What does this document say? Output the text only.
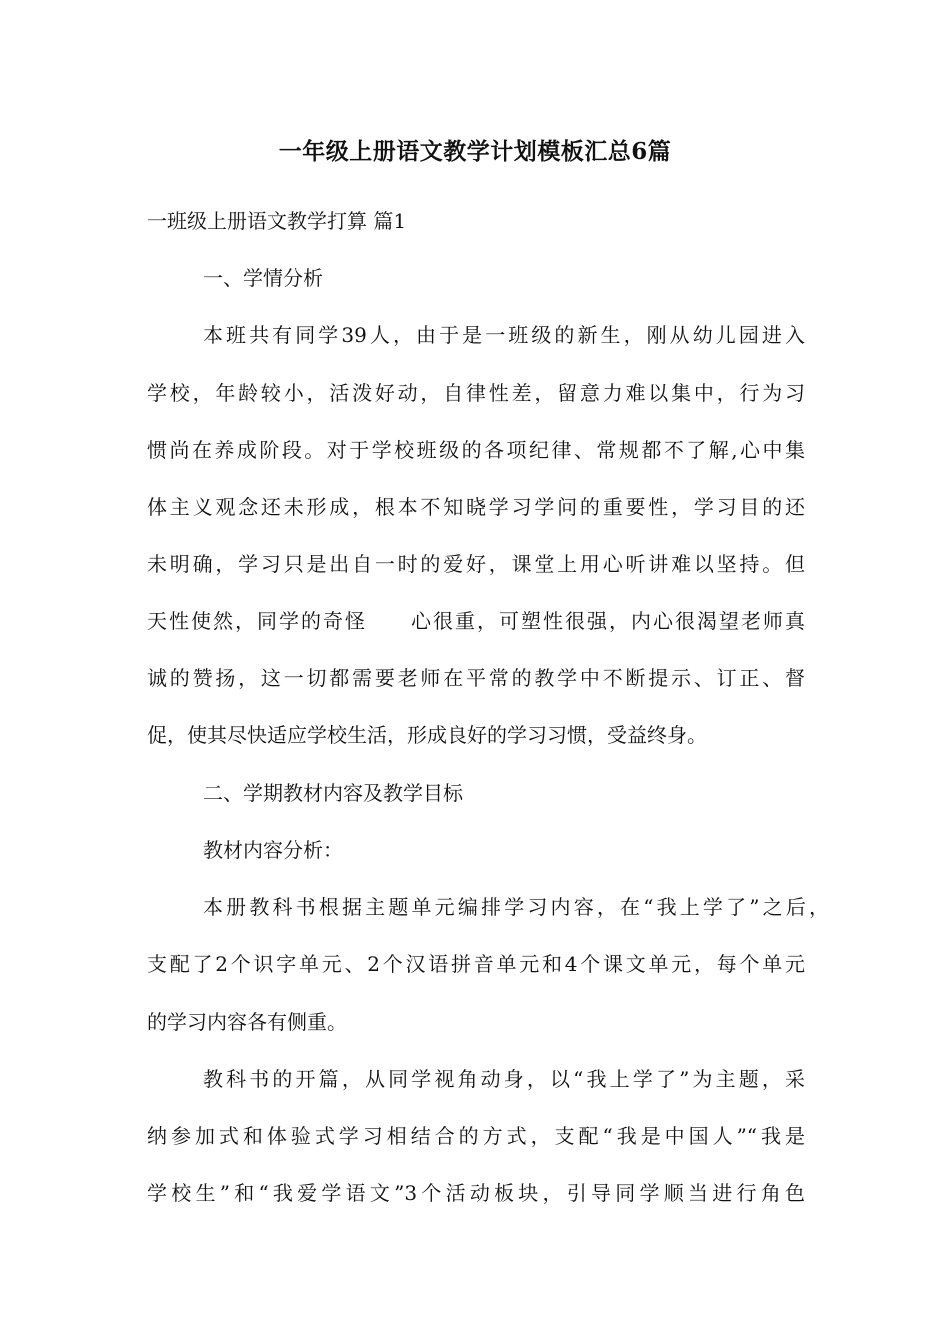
一年级上册语文教学计划模板汇总6篇
一班级上册语文教学打算 篇1
一、学情分析
本班共有同学39人，由于是一班级的新生，刚从幼儿园进入
学校，年龄较小，活泼好动，自律性差，留意力难以集中，行为习
惯尚在养成阶段。对于学校班级的各项纪律、常规都不了解,心中集
体主义观念还未形成，根本不知晓学习学问的重要性，学习目的还
未明确，学习只是出自一时的爱好，课堂上用心听讲难以坚持。但
天性使然，同学的奇怪　　心很重，可塑性很强，内心很渴望老师真
诚的赞扬，这一切都需要老师在平常的教学中不断提示、订正、督
促，使其尽快适应学校生活，形成良好的学习习惯，受益终身。
二、学期教材内容及教学目标
教材内容分析：
本册教科书根据主题单元编排学习内容，在“我上学了”之后，
支配了2个识字单元、2个汉语拼音单元和4个课文单元，每个单元
的学习内容各有侧重。
教科书的开篇，从同学视角动身，以“我上学了”为主题，采
纳参加式和体验式学习相结合的方式，支配“我是中国人”“我是
学校生”和“我爱学语文”3个活动板块，引导同学顺当进行角色
